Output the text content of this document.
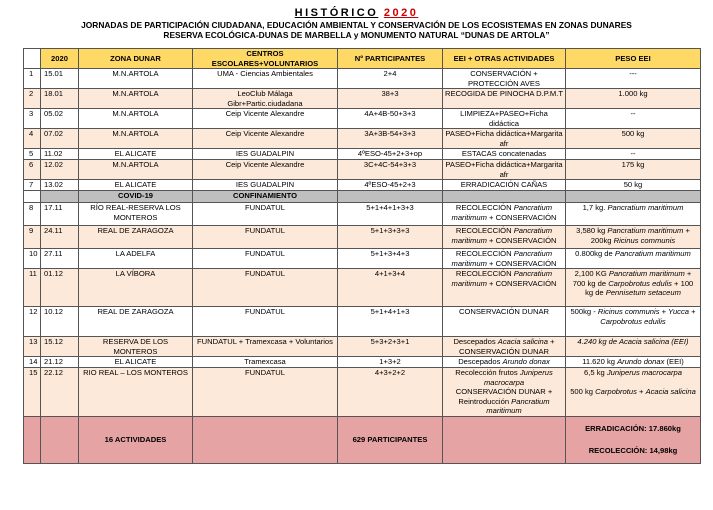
HISTÓRICO 2020
JORNADAS DE PARTICIPACIÓN CIUDADANA, EDUCACIÓN AMBIENTAL Y CONSERVACIÓN DE LOS ECOSISTEMAS EN ZONAS DUNARES
RESERVA ECOLÓGICA-DUNAS DE MARBELLA y MONUMENTO NATURAL “DUNAS DE ARTOLA”
	2020	ZONA DUNAR	CENTROS
ESCOLARES+VOLUNTARIOS	Nº PARTICIPANTES	EEI + OTRAS ACTIVIDADES	PESO EEI
1	15.01	M.N.ARTOLA	UMA - Ciencias Ambientales	2+4	CONSERVACIÓN + PROTECCIÓN AVES	---
2	18.01	M.N.ARTOLA	LeoClub Málaga
Gibr+Partic.ciudadana	38+3	RECOGIDA DE PINOCHA D.P.M.T	1.000 kg
3	05.02	M.N.ARTOLA	Ceip Vicente Alexandre	4A+4B-50+3+3	LIMPIEZA+PASEO+Ficha didáctica	--
4	07.02	M.N.ARTOLA	Ceip Vicente Alexandre	3A+3B-54+3+3	PASEO+Ficha didáctica+Margarita afr	500 kg
5	11.02	EL ALICATE	IES GUADALPIN	4ºESO-45+2+3+op	ESTACAS concatenadas	--
6	12.02	M.N.ARTOLA	Ceip Vicente Alexandre	3C+4C-54+3+3	PASEO+Ficha didáctica+Margarita afr	175 kg
7	13.02	EL ALICATE	IES GUADALPIN	4ºESO-45+2+3	ERRADICACIÓN CAÑAS	50 kg
		COVID-19	CONFINAMIENTO			
8	17.11	RÍO REAL-RESERVA LOS MONTEROS	FUNDATUL	5+1+4+1+3+3	RECOLECCIÓN Pancratium maritimum + CONSERVACIÓN	1,7 kg. Pancratium maritimum
9	24.11	REAL DE ZARAGOZA	FUNDATUL	5+1+3+3+3	RECOLECCIÓN Pancratium maritimum + CONSERVACIÓN	3,580 kg Pancratium maritimum + 200kg Ricinus communis
10	27.11	LA ADELFA	FUNDATUL	5+1+3+4+3	RECOLECCIÓN Pancratium maritimum + CONSERVACIÓN	0.800kg de Pancratium maritimum
11	01.12	LA VÍBORA	FUNDATUL	4+1+3+4	RECOLECCIÓN Pancratium maritimum + CONSERVACIÓN	2,100 KG Pancratium maritimum + 700 kg de Carpobrotus edulis + 100 kg de Pennisetum setaceum
12	10.12	REAL DE ZARAGOZA	FUNDATUL	5+1+4+1+3	CONSERVACIÓN DUNAR	500kg - Ricinus communis + Yucca + Carpobrotus eduilis
13	15.12	RESERVA DE LOS MONTEROS	FUNDATUL + Tramexcasa + Voluntarios	5+3+2+3+1	Descepados Acacia salicina + CONSERVACIÓN DUNAR	4.240 kg de Acacia salicina (EEI)
14	21.12	EL ALICATE	Tramexcasa	1+3+2	Descepados Arundo donax	11.620 kg Arundo donax (EEI)
15	22.12	RIO REAL – LOS MONTEROS	FUNDATUL	4+3+2+2	Recolección frutos Juniperus macrocarpa
CONSERVACIÓN DUNAR + Reintroducción Pancratium maritimum	6,5 kg Juniperus macrocarpa

500 kg Carpobrotus + Acacia salicina
		16 ACTIVIDADES		629 PARTICIPANTES		ERRADICACIÓN: 17.860kg
RECOLECCIÓN: 14,98kg
